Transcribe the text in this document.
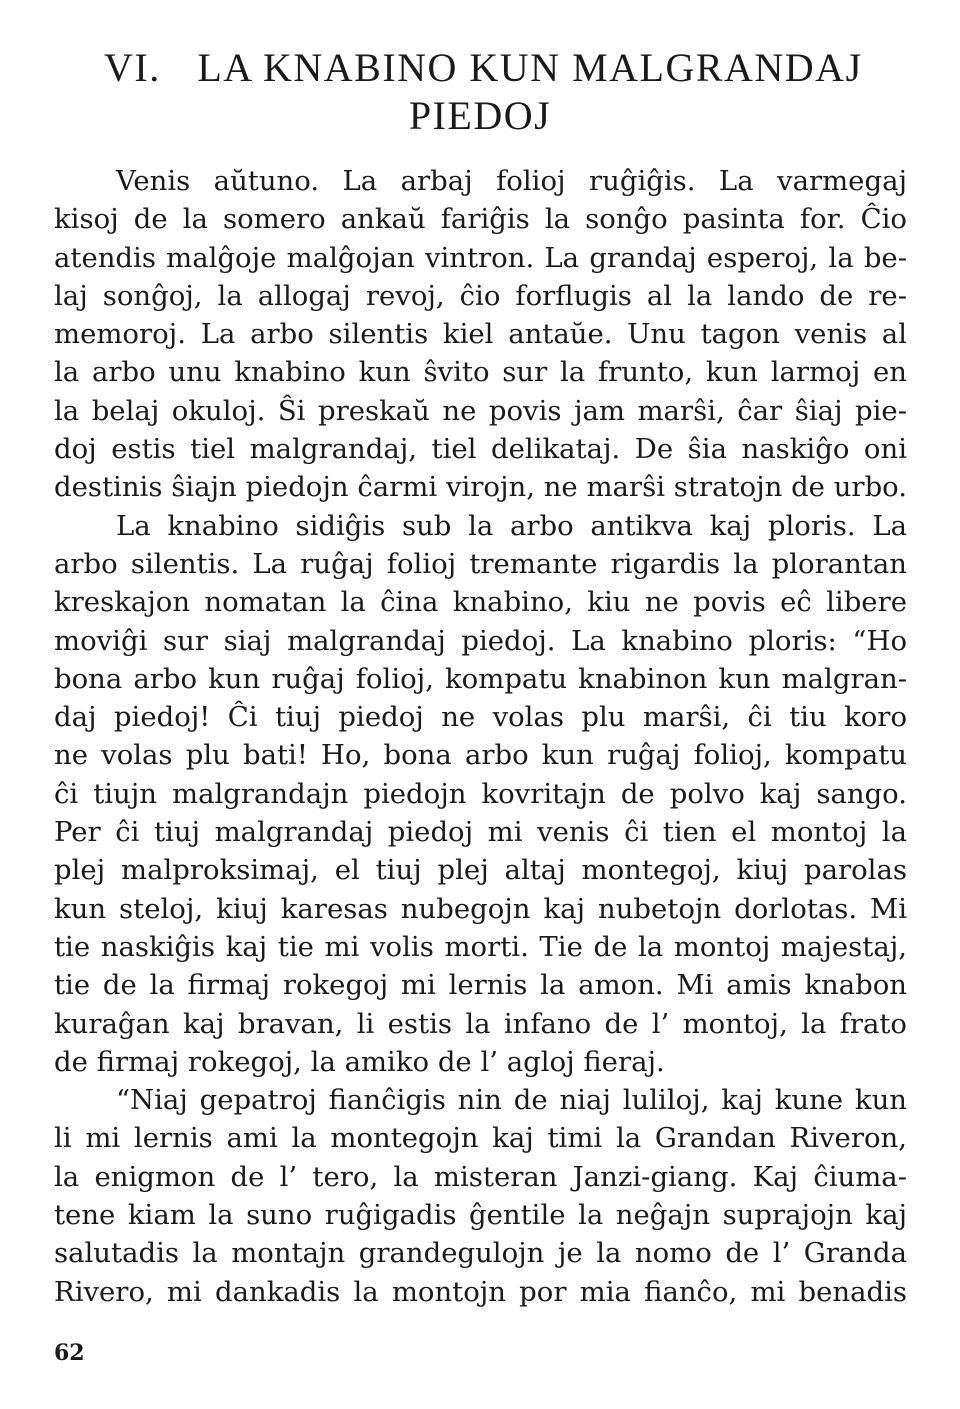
VI. LA KNABINO KUN MALGRANDAJ
PIEDOJ
Venis aŭtuno. La arbaj folioj ruĝiĝis. La varmegaj
kisoj de la somero ankaŭ fariĝis la sonĝo pasinta for. Ĉio
atendis malĝoje malĝojan vintron. La grandaj esperoj, la be-
laj sonĝoj, la allogaj revoj, ĉio forflugis al la lando de re-
memoroj. La arbo silentis kiel antaŭe. Unu tagon venis al
la arbo unu knabino kun ŝvito sur la frunto, kun larmoj en
la belaj okuloj. Ŝi preskaŭ ne povis jam marŝi, ĉar ŝiaj pie-
doj estis tiel malgrandaj, tiel delikataj. De ŝia naskiĝo oni
destinis ŝiajn piedojn ĉarmi virojn, ne marŝi stratojn de urbo.
La knabino sidiĝis sub la arbo antikva kaj ploris. La
arbo silentis. La ruĝaj folioj tremante rigardis la plorantan
kreskajon nomatan la ĉina knabino, kiu ne povis eĉ libere
moviĝi sur siaj malgrandaj piedoj. La knabino ploris: “Ho
bona arbo kun ruĝaj folioj, kompatu knabinon kun malgran-
daj piedoj! Ĉi tiuj piedoj ne volas plu marŝi, ĉi tiu koro
ne volas plu bati! Ho, bona arbo kun ruĝaj folioj, kompatu
ĉi tiujn malgrandajn piedojn kovritajn de polvo kaj sango.
Per ĉi tiuj malgrandaj piedoj mi venis ĉi tien el montoj la
plej malproksimaj, el tiuj plej altaj montegoj, kiuj parolas
kun steloj, kiuj karesas nubegojn kaj nubetojn dorlotas. Mi
tie naskiĝis kaj tie mi volis morti. Tie de la montoj majestaj,
tie de la firmaj rokegoj mi lernis la amon. Mi amis knabon
kuraĝan kaj bravan, li estis la infano de l’ montoj, la frato
de firmaj rokegoj, la amiko de l’ agloj fieraj.
“Niaj gepatroj fianĉigis nin de niaj luliloj, kaj kune kun
li mi lernis ami la montegojn kaj timi la Grandan Riveron,
la enigmon de l’ tero, la misteran Janzi-giang. Kaj ĉiuma-
tene kiam la suno ruĝigadis ĝentile la neĝajn suprajojn kaj
salutadis la montajn grandegulojn je la nomo de l’ Granda
Rivero, mi dankadis la montojn por mia fianĉo, mi benadis
62
